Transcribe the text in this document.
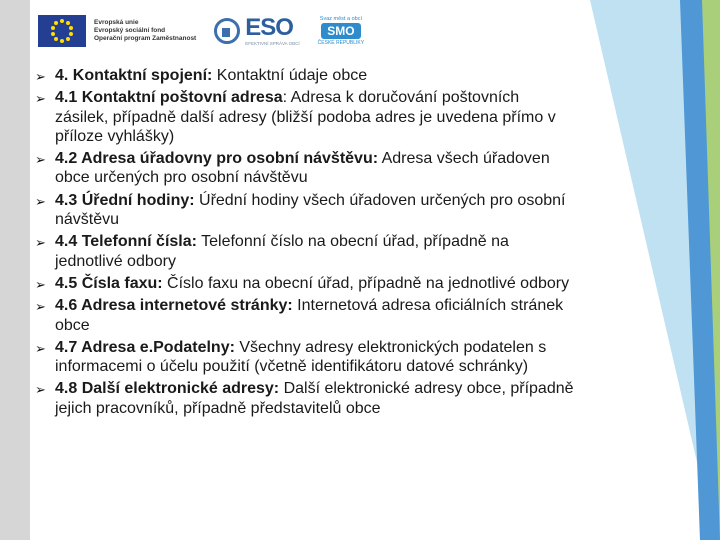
Evropská unie
Evropský sociální fond
Operační program Zaměstnanost ESO
EFEKTIVNÍ SPRÁVA OBCÍ
Svaz měst a obcí
SMO
ČESKÉ REPUBLIKY
➢ 4. Kontaktní spojení: Kontaktní údaje obce
➢ 4.1 Kontaktní poštovní adresa: Adresa k doručování poštovních zásilek, případně další adresy (bližší podoba adres je uvedena přímo v příloze vyhlášky)
➢ 4.2 Adresa úřadovny pro osobní návštěvu: Adresa všech úřadoven obce určených pro osobní návštěvu
➢ 4.3 Úřední hodiny: Úřední hodiny všech úřadoven určených pro osobní návštěvu
➢ 4.4 Telefonní čísla: Telefonní číslo na obecní úřad, případně na jednotlivé odbory
➢ 4.5 Čísla faxu: Číslo faxu na obecní úřad, případně na jednotlivé odbory
➢ 4.6 Adresa internetové stránky: Internetová adresa oficiálních stránek obce
➢ 4.7 Adresa e.Podatelny: Všechny adresy elektronických podatelen s informacemi o účelu použití (včetně identifikátoru datové schránky)
➢ 4.8 Další elektronické adresy: Další elektronické adresy obce, případně jejich pracovníků, případně představitelů obce
